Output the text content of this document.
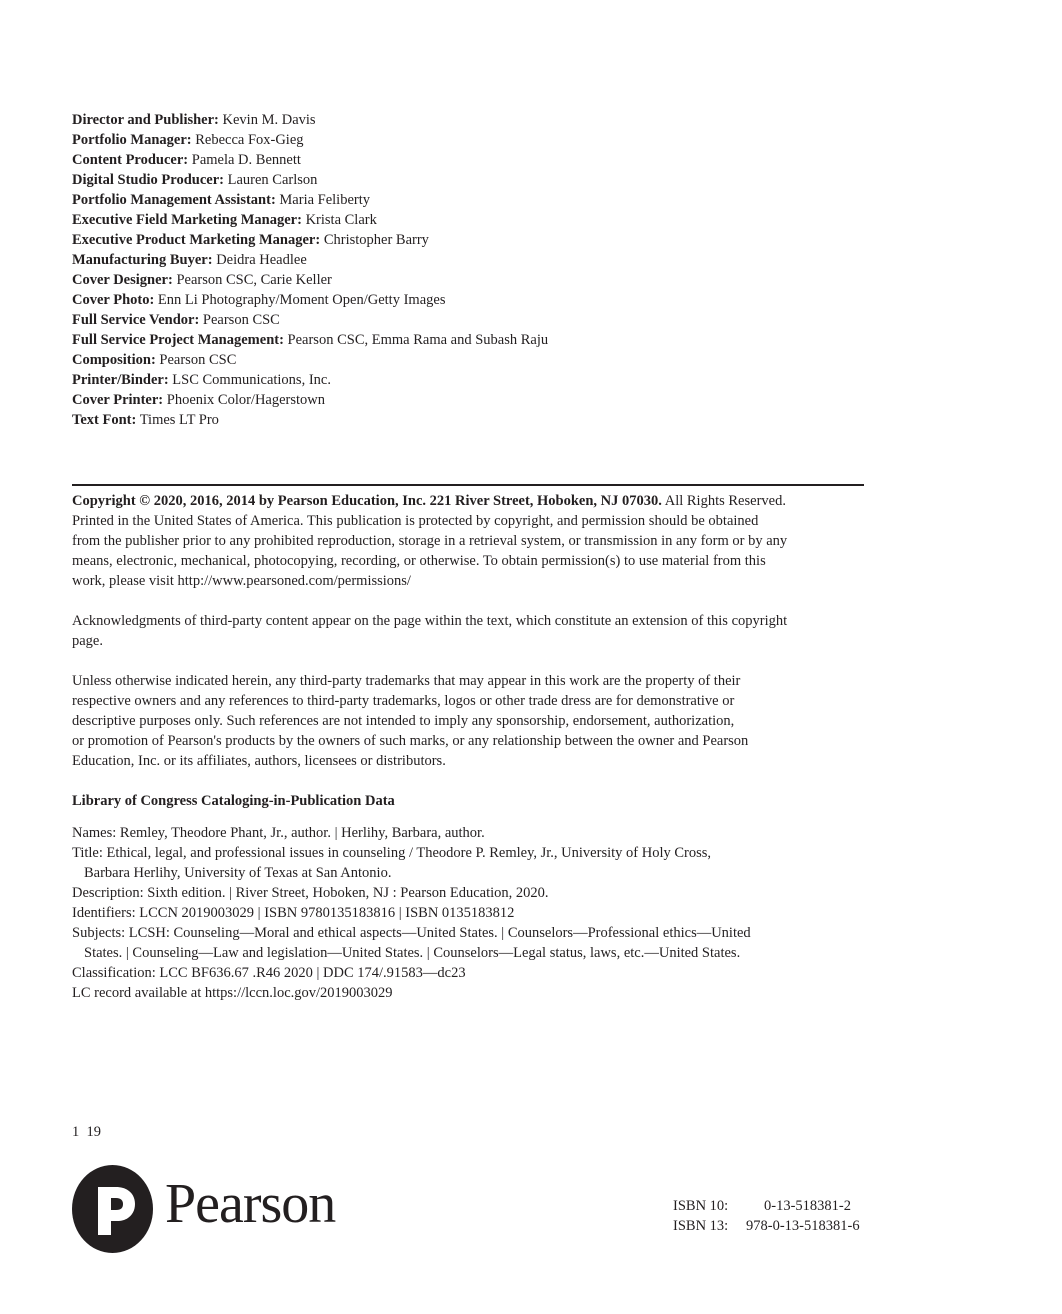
Director and Publisher: Kevin M. Davis
Portfolio Manager: Rebecca Fox-Gieg
Content Producer: Pamela D. Bennett
Digital Studio Producer: Lauren Carlson
Portfolio Management Assistant: Maria Feliberty
Executive Field Marketing Manager: Krista Clark
Executive Product Marketing Manager: Christopher Barry
Manufacturing Buyer: Deidra Headlee
Cover Designer: Pearson CSC, Carie Keller
Cover Photo: Enn Li Photography/Moment Open/Getty Images
Full Service Vendor: Pearson CSC
Full Service Project Management: Pearson CSC, Emma Rama and Subash Raju
Composition: Pearson CSC
Printer/Binder: LSC Communications, Inc.
Cover Printer: Phoenix Color/Hagerstown
Text Font: Times LT Pro

Copyright © 2020, 2016, 2014 by Pearson Education, Inc. 221 River Street, Hoboken, NJ 07030. All Rights Reserved.
Printed in the United States of America. This publication is protected by copyright, and permission should be obtained
from the publisher prior to any prohibited reproduction, storage in a retrieval system, or transmission in any form or by any
means, electronic, mechanical, photocopying, recording, or otherwise. To obtain permission(s) to use material from this
work, please visit http://www.pearsoned.com/permissions/

Acknowledgments of third-party content appear on the page within the text, which constitute an extension of this copyright
page.

Unless otherwise indicated herein, any third-party trademarks that may appear in this work are the property of their
respective owners and any references to third-party trademarks, logos or other trade dress are for demonstrative or
descriptive purposes only. Such references are not intended to imply any sponsorship, endorsement, authorization,
or promotion of Pearson's products by the owners of such marks, or any relationship between the owner and Pearson
Education, Inc. or its affiliates, authors, licensees or distributors.

Library of Congress Cataloging-in-Publication Data
Names: Remley, Theodore Phant, Jr., author. | Herlihy, Barbara, author.
Title: Ethical, legal, and professional issues in counseling / Theodore P. Remley, Jr., University of Holy Cross,
Barbara Herlihy, University of Texas at San Antonio.
Description: Sixth edition. | River Street, Hoboken, NJ : Pearson Education, 2020.
Identifiers: LCCN 2019003029 | ISBN 9780135183816 | ISBN 0135183812
Subjects: LCSH: Counseling—Moral and ethical aspects—United States. | Counselors—Professional ethics—United
States. | Counseling—Law and legislation—United States. | Counselors—Legal status, laws, etc.—United States.
Classification: LCC BF636.67 .R46 2020 | DDC 174/.91583—dc23
LC record available at https://lccn.loc.gov/2019003029
1  19
Pearson	ISBN 10: 0-13-518381-2
ISBN 13: 978-0-13-518381-6
